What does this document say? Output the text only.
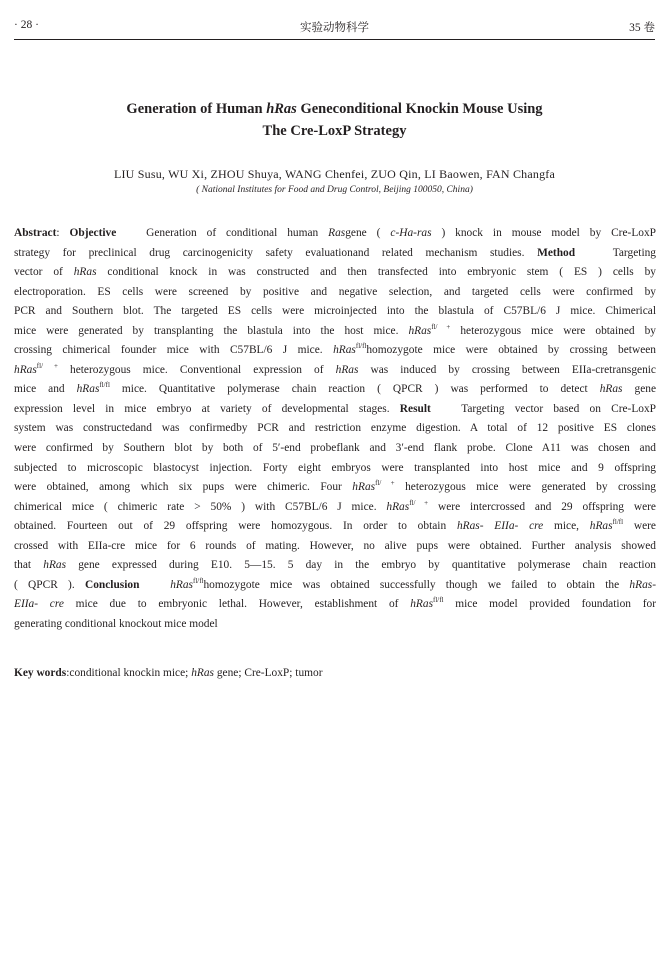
· 28 ·	实验动物科学	35 卷
Generation of Human hRas Geneconditional Knockin Mouse Using
The Cre-LoxP Strategy
LIU Susu, WU Xi, ZHOU Shuya, WANG Chenfei, ZUO Qin, LI Baowen, FAN Changfa
( National Institutes for Food and Drug Control, Beijing 100050, China)
Abstract: Objective	Generation of conditional human Rasgene ( c-Ha-ras ) knock in mouse model by Cre-LoxP
strategy for preclinical drug carcinogenicity safety evaluationand related mechanism studies. Method	Targeting
vector of hRas conditional knock in was constructed and then transfected into embryonic stem ( ES ) cells by
electroporation. ES cells were screened by positive and negative selection, and targeted cells were confirmed by
PCR and Southern blot. The targeted ES cells were microinjected into the blastula of C57BL/6 J mice. Chimerical
mice were generated by transplanting the blastula into the host mice. hRas$^{fl/ +}$ heterozygous mice were obtained by
crossing chimerical founder mice with C57BL/6 J mice. hRas$^{fl/fl}$homozygote mice were obtained by crossing between
hRas$^{fl/ +}$ heterozygous mice. Conventional expression of hRas was induced by crossing between EIIa-cretransgenic
mice and hRas$^{fl/fl}$ mice. Quantitative polymerase chain reaction ( QPCR ) was performed to detect hRas gene
expression level in mice embryo at variety of developmental stages. Result	Targeting vector based on Cre-LoxP
system was constructedand was confirmedby PCR and restriction enzyme digestion. A total of 12 positive ES clones
were confirmed by Southern blot by both of 5′-end probeflank and 3′-end flank probe. Clone A11 was chosen and
subjected to microscopic blastocyst injection. Forty eight embryos were transplanted into host mice and 9 offspring
were obtained, among which six pups were chimeric. Four hRas$^{fl/ +}$ heterozygous mice were generated by crossing
chimerical mice ( chimeric rate > 50% ) with C57BL/6 J mice. hRas$^{fl/ +}$ were intercrossed and 29 offspring were
obtained. Fourteen out of 29 offspring were homozygous. In order to obtain hRas- EIIa- cre mice, hRas$^{fl/fl}$ were
crossed with EIIa-cre mice for 6 rounds of mating. However, no alive pups were obtained. Further analysis showed
that hRas gene expressed during E10. 5—15. 5 day in the embryo by quantitative polymerase chain reaction
( QPCR ). Conclusion	hRas$^{fl/fl}$homozygote mice was obtained successfully though we failed to obtain the hRas-
EIIa- cre mice due to embryonic lethal. However, establishment of hRas$^{fl/fl}$ mice model provided foundation for
generating conditional knockout mice model
Key words:conditional knockin mice; hRas gene; Cre-LoxP; tumor
